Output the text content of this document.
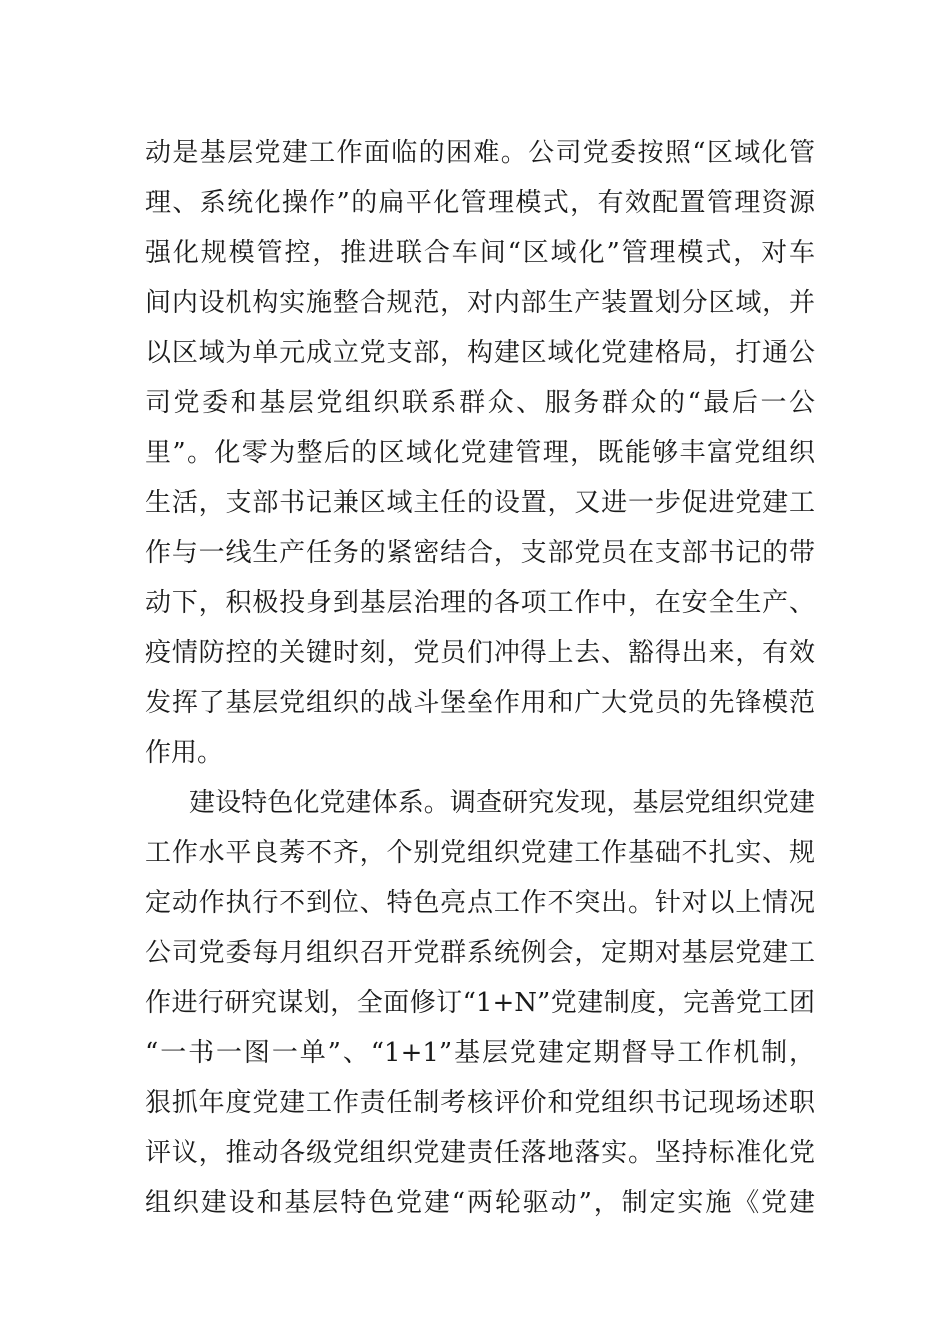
动是基层党建工作面临的困难。公司党委按照“区域化管
理、系统化操作”的扁平化管理模式，有效配置管理资源
强化规模管控，推进联合车间“区域化”管理模式，对车
间内设机构实施整合规范，对内部生产装置划分区域，并
以区域为单元成立党支部，构建区域化党建格局，打通公
司党委和基层党组织联系群众、服务群众的“最后一公
里”。化零为整后的区域化党建管理，既能够丰富党组织
生活，支部书记兼区域主任的设置，又进一步促进党建工
作与一线生产任务的紧密结合，支部党员在支部书记的带
动下，积极投身到基层治理的各项工作中，在安全生产、
疫情防控的关键时刻，党员们冲得上去、豁得出来，有效
发挥了基层党组织的战斗堡垒作用和广大党员的先锋模范
作用。
建设特色化党建体系。调查研究发现，基层党组织党建
工作水平良莠不齐，个别党组织党建工作基础不扎实、规
定动作执行不到位、特色亮点工作不突出。针对以上情况
公司党委每月组织召开党群系统例会，定期对基层党建工
作进行研究谋划，全面修订“1+N”党建制度，完善党工团
“一书一图一单”、“1+1”基层党建定期督导工作机制，
狠抓年度党建工作责任制考核评价和党组织书记现场述职
评议，推动各级党组织党建责任落地落实。坚持标准化党
组织建设和基层特色党建“两轮驱动”，制定实施《党建
